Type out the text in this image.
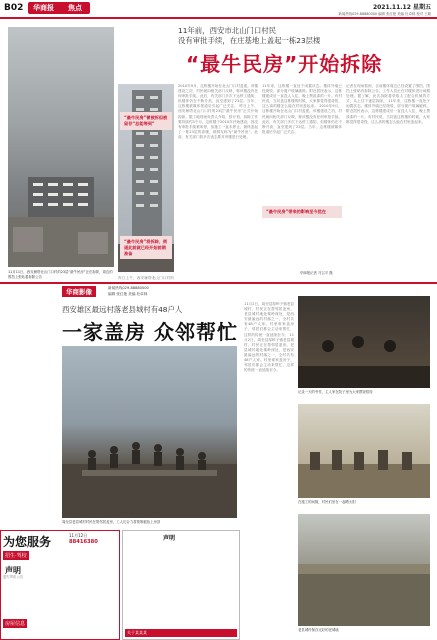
B02 华商报 焦点	2021.11.12 星期五
新闻热线029-88880000 编辑 张红艳 美编 杜卓林 校对 王颖
11年前，西安市北山门口村民
没有审批手续，在庄基地上盖起一栋23层楼
“最牛民房”开始拆除
11月11日，西安雁塔北山门口村的23层“最牛民房”正在拆除，周边的围挡上张贴着拆除公告	昨日上午，西安雁塔北山门口村的
2010年9月，这栋楼开始在北山门口村盖建。该楼建设之初，村民就向相关部门反映，称该楼没有任何审批手续。此后，有关部门多次下达停工通知，但楼体仍在不断升高，直至建到了23层。当年，这栋楼被媒体报道后引起广泛关注。 昨日上午，西安雁塔北山门口村的23层“最牛民房”正式开始拆除。据工地现场负责人介绍，按计划，拆除工作要持续约3个月。这栋楼于2010年开始建设，因没有审批手续被叫停，但施工一直未停止，最终盖起了一栋23层的高楼，被网友称为“最牛民房”。此前，有关部门曾多次表态要对该楼进行处理。
11年来，这栋楼一直处于闲置状态。楼体外墙已经斑驳，部分窗户玻璃破碎。附近居民表示，这栋楼建成后一直没人入住，晚上黑漆漆的一片。有村民说，当初盖这栋楼的时候，大家都觉得很奇怪，这么高的楼怎么能在村里盖起来。 2010年9月，这栋楼开始在北山门口村盖建。该楼建设之初，村民就向相关部门反映，称该楼没有任何审批手续。此后，有关部门多次下达停工通知，但楼体仍在不断升高，直至建到了23层。当年，这栋楼被媒体报道后引起广泛关注。
记者在现场看到，目前楼体周边已经设置了围挡，围挡上张贴有拆除公告。工作人员正在对楼体进行前期处理。据了解，此次拆除将采取人工配合机械的方式，从上往下逐层拆除。 11年来，这栋楼一直处于闲置状态。楼体外墙已经斑驳，部分窗户玻璃破碎。附近居民表示，这栋楼建成后一直没人入住，晚上黑漆漆的一片。有村民说，当初盖这栋楼的时候，大家都觉得很奇怪，这么高的楼怎么能在村里盖起来。
“最牛民房”曾被拆但被留存“总能等到”
“最牛民房”带来的影响至今犹在
“最牛民房”将拆除，街道此前就已经开始前期准备
华商报记者 马召平 摄
华商影像	新闻热线029-88880000
编辑 张红艳 美编 杜卓林
西安雄区最远村落老县城村有48户人
一家盖房 众邻帮忙
周至县老县城村村民在帮邻居盖房，工人们合力将预制板抬上房顶
11月2日，周至县厚畛子镇老县城村，村民正在帮邻居盖房。老县城村地处秦岭深处，是西安最偏远的村落之一，全村共有48户人家。村里谁家盖房子，邻居们都会主动来帮忙，这样的传统一直延续至今。 11月2日，周至县厚畛子镇老县城村，村民正在帮邻居盖房。老县城村地处秦岭深处，是西安最偏远的村落之一，全村共有48户人家。村里谁家盖房子，邻居们都会主动来帮忙，这样的传统一直延续至今。
记录一天的劳作，主人家在院子里为大家摆饭招待
在施工的间隙，村民们坐在一起晒太阳
老县城村保存完好的老城墙
为您服务	11月12日
88416380
招生·驾校
声明
房屋信息
遗失声明 公告
声明
关于某某某
